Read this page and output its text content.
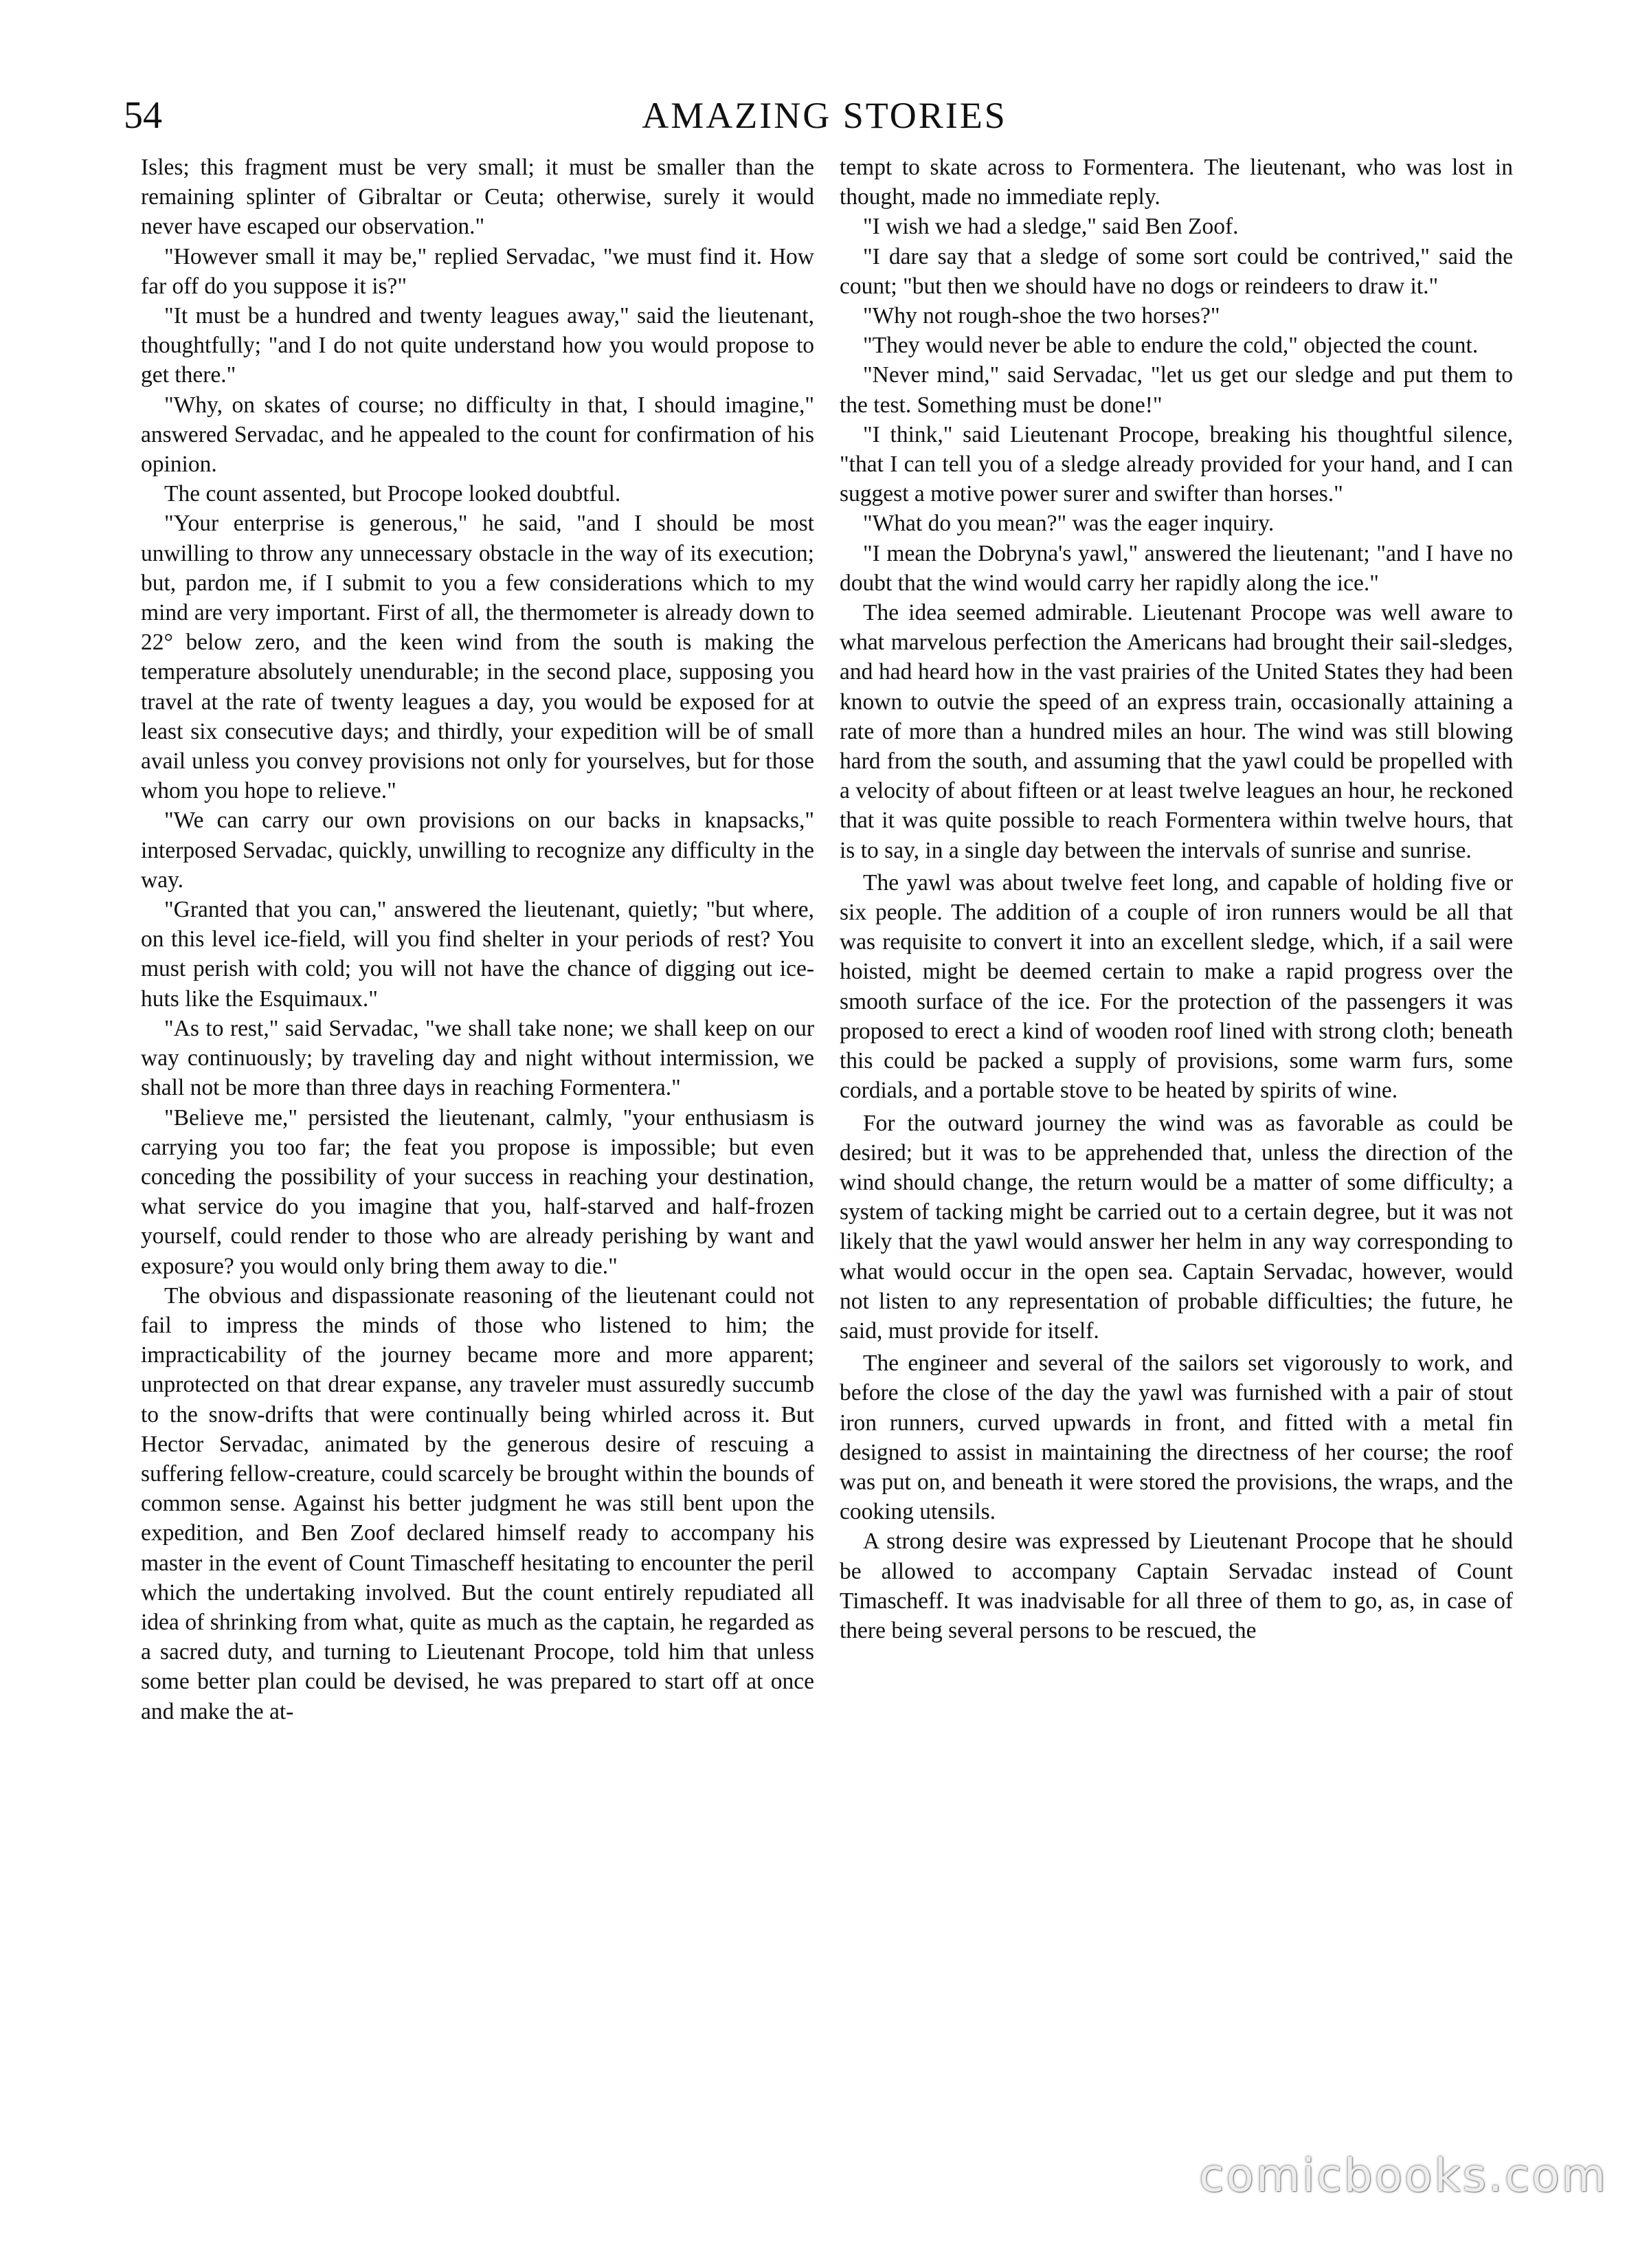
54	AMAZING STORIES

Isles; this fragment must be very small; it must be smaller than the remaining splinter of Gibraltar or Ceuta; otherwise, surely it would never have escaped our observation."

"However small it may be," replied Servadac, "we must find it. How far off do you suppose it is?"

"It must be a hundred and twenty leagues away," said the lieutenant, thoughtfully; "and I do not quite understand how you would propose to get there."

"Why, on skates of course; no difficulty in that, I should imagine," answered Servadac, and he appealed to the count for confirmation of his opinion.

The count assented, but Procope looked doubtful.

"Your enterprise is generous," he said, "and I should be most unwilling to throw any unnecessary obstacle in the way of its execution; but, pardon me, if I submit to you a few considerations which to my mind are very important. First of all, the thermometer is already down to 22° below zero, and the keen wind from the south is making the temperature absolutely unendurable; in the second place, supposing you travel at the rate of twenty leagues a day, you would be exposed for at least six consecutive days; and thirdly, your expedition will be of small avail unless you convey provisions not only for yourselves, but for those whom you hope to relieve."

"We can carry our own provisions on our backs in knapsacks," interposed Servadac, quickly, unwilling to recognize any difficulty in the way.

"Granted that you can," answered the lieutenant, quietly; "but where, on this level ice-field, will you find shelter in your periods of rest? You must perish with cold; you will not have the chance of digging out ice-huts like the Esquimaux."

"As to rest," said Servadac, "we shall take none; we shall keep on our way continuously; by traveling day and night without intermission, we shall not be more than three days in reaching Formentera."

"Believe me," persisted the lieutenant, calmly, "your enthusiasm is carrying you too far; the feat you propose is impossible; but even conceding the possibility of your success in reaching your destination, what service do you imagine that you, half-starved and half-frozen yourself, could render to those who are already perishing by want and exposure? you would only bring them away to die."

The obvious and dispassionate reasoning of the lieutenant could not fail to impress the minds of those who listened to him; the impracticability of the journey became more and more apparent; unprotected on that drear expanse, any traveler must assuredly succumb to the snow-drifts that were continually being whirled across it. But Hector Servadac, animated by the generous desire of rescuing a suffering fellow-creature, could scarcely be brought within the bounds of common sense. Against his better judgment he was still bent upon the expedition, and Ben Zoof declared himself ready to accompany his master in the event of Count Timascheff hesitating to encounter the peril which the undertaking involved. But the count entirely repudiated all idea of shrinking from what, quite as much as the captain, he regarded as a sacred duty, and turning to Lieutenant Procope, told him that unless some better plan could be devised, he was prepared to start off at once and make the at-

tempt to skate across to Formentera. The lieutenant, who was lost in thought, made no immediate reply.

"I wish we had a sledge," said Ben Zoof.

"I dare say that a sledge of some sort could be contrived," said the count; "but then we should have no dogs or reindeers to draw it."

"Why not rough-shoe the two horses?"

"They would never be able to endure the cold," objected the count.

"Never mind," said Servadac, "let us get our sledge and put them to the test. Something must be done!"

"I think," said Lieutenant Procope, breaking his thoughtful silence, "that I can tell you of a sledge already provided for your hand, and I can suggest a motive power surer and swifter than horses."

"What do you mean?" was the eager inquiry.

"I mean the Dobryna's yawl," answered the lieutenant; "and I have no doubt that the wind would carry her rapidly along the ice."

The idea seemed admirable. Lieutenant Procope was well aware to what marvelous perfection the Americans had brought their sail-sledges, and had heard how in the vast prairies of the United States they had been known to outvie the speed of an express train, occasionally attaining a rate of more than a hundred miles an hour. The wind was still blowing hard from the south, and assuming that the yawl could be propelled with a velocity of about fifteen or at least twelve leagues an hour, he reckoned that it was quite possible to reach Formentera within twelve hours, that is to say, in a single day between the intervals of sunrise and sunrise.

The yawl was about twelve feet long, and capable of holding five or six people. The addition of a couple of iron runners would be all that was requisite to convert it into an excellent sledge, which, if a sail were hoisted, might be deemed certain to make a rapid progress over the smooth surface of the ice. For the protection of the passengers it was proposed to erect a kind of wooden roof lined with strong cloth; beneath this could be packed a supply of provisions, some warm furs, some cordials, and a portable stove to be heated by spirits of wine.

For the outward journey the wind was as favorable as could be desired; but it was to be apprehended that, unless the direction of the wind should change, the return would be a matter of some difficulty; a system of tacking might be carried out to a certain degree, but it was not likely that the yawl would answer her helm in any way corresponding to what would occur in the open sea. Captain Servadac, however, would not listen to any representation of probable difficulties; the future, he said, must provide for itself.

The engineer and several of the sailors set vigorously to work, and before the close of the day the yawl was furnished with a pair of stout iron runners, curved upwards in front, and fitted with a metal fin designed to assist in maintaining the directness of her course; the roof was put on, and beneath it were stored the provisions, the wraps, and the cooking utensils.

A strong desire was expressed by Lieutenant Procope that he should be allowed to accompany Captain Servadac instead of Count Timascheff. It was inadvisable for all three of them to go, as, in case of there being several persons to be rescued, the

comicbooks.com
